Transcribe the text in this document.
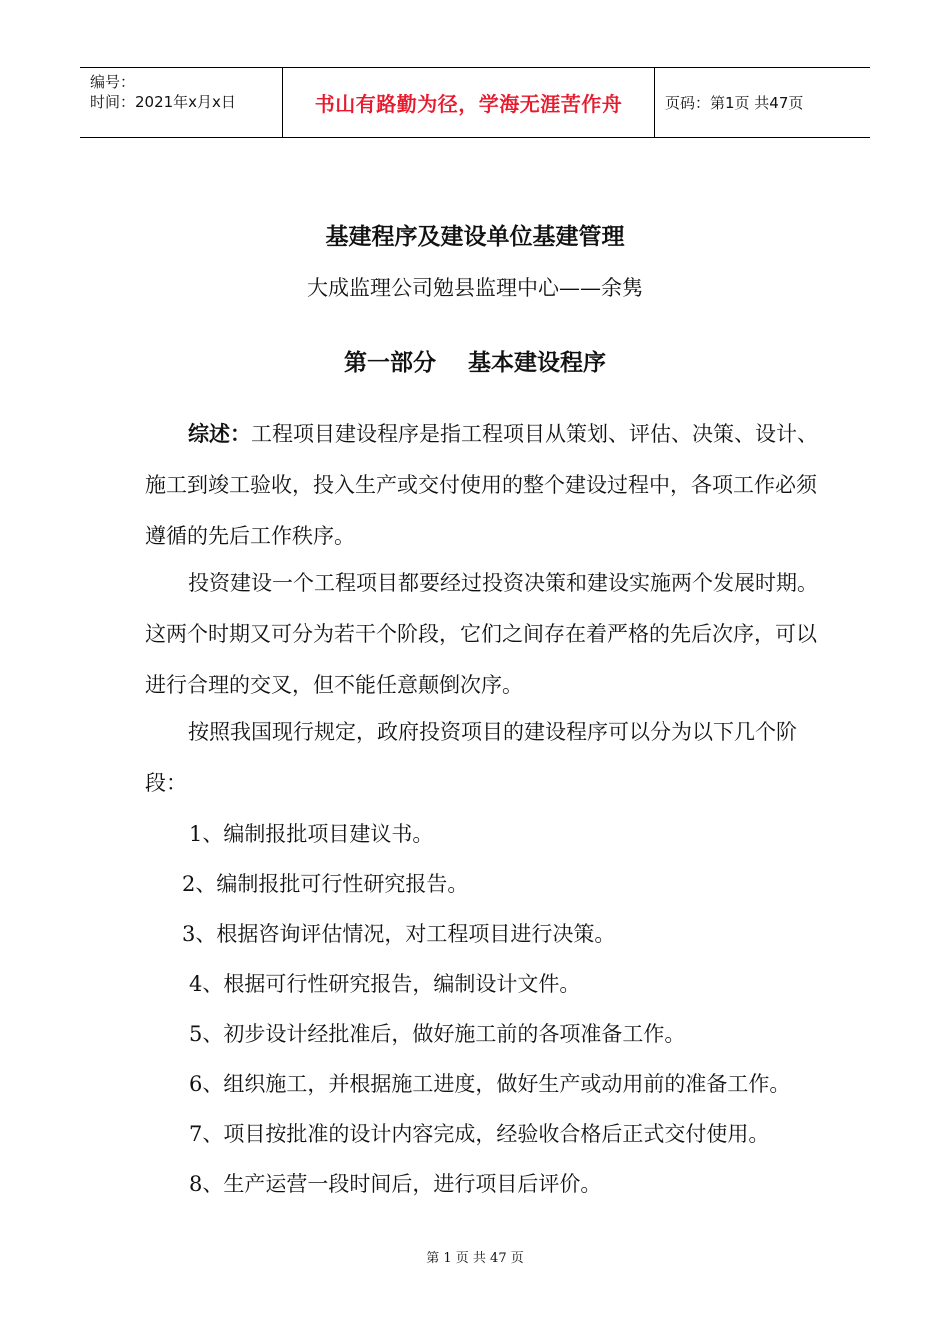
编号：
时间：2021年x月x日	书山有路勤为径，学海无涯苦作舟	页码：第1页 共47页
基建程序及建设单位基建管理
大成监理公司勉县监理中心——余隽
第一部分    基本建设程序

综述：工程项目建设程序是指工程项目从策划、评估、决策、设计、施工到竣工验收，投入生产或交付使用的整个建设过程中，各项工作必须遵循的先后工作秩序。

投资建设一个工程项目都要经过投资决策和建设实施两个发展时期。这两个时期又可分为若干个阶段，它们之间存在着严格的先后次序，可以进行合理的交叉，但不能任意颠倒次序。

按照我国现行规定，政府投资项目的建设程序可以分为以下几个阶段：

1、编制报批项目建议书。
2、编制报批可行性研究报告。
3、根据咨询评估情况，对工程项目进行决策。
4、根据可行性研究报告，编制设计文件。
5、初步设计经批准后，做好施工前的各项准备工作。
6、组织施工，并根据施工进度，做好生产或动用前的准备工作。
7、项目按批准的设计内容完成，经验收合格后正式交付使用。
8、生产运营一段时间后，进行项目后评价。
第 1 页 共 47 页
